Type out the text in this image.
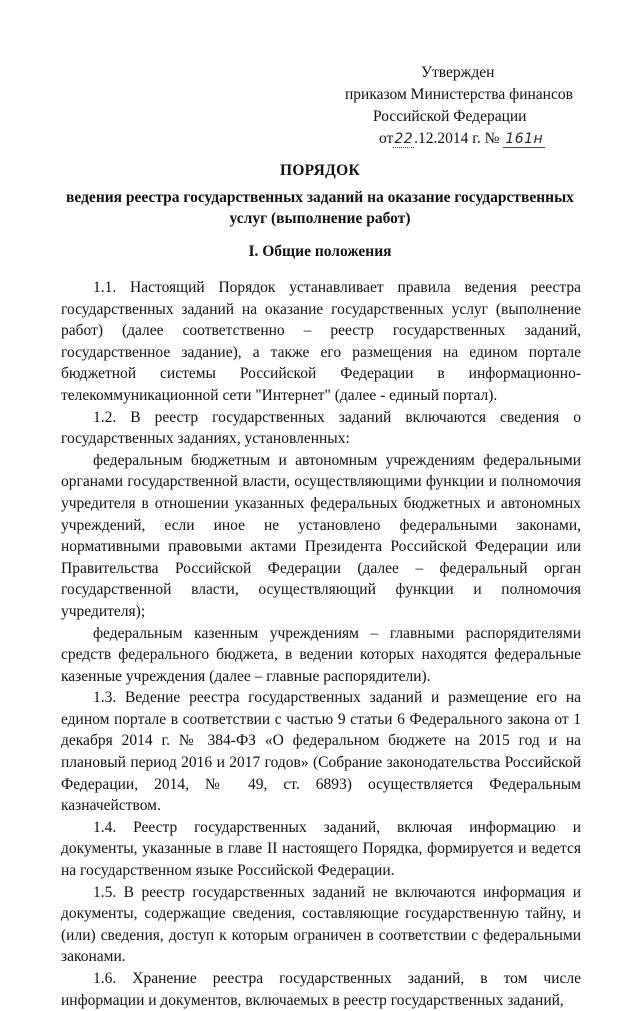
Утвержден
приказом Министерства финансов
Российской Федерации
от22.12.2014 г. № 161н
ПОРЯДОК
ведения реестра государственных заданий на оказание государственных
услуг (выполнение работ)
I. Общие положения

1.1. Настоящий Порядок устанавливает правила ведения реестра государственных заданий на оказание государственных услуг (выполнение работ) (далее соответственно – реестр государственных заданий, государственное задание), а также его размещения на едином портале бюджетной системы Российской Федерации в информационно-телекоммуникационной сети "Интернет" (далее - единый портал).

1.2. В реестр государственных заданий включаются сведения о государственных заданиях, установленных:

федеральным бюджетным и автономным учреждениям федеральными органами государственной власти, осуществляющими функции и полномочия учредителя в отношении указанных федеральных бюджетных и автономных учреждений, если иное не установлено федеральными законами, нормативными правовыми актами Президента Российской Федерации или Правительства Российской Федерации (далее – федеральный орган государственной власти, осуществляющий функции и полномочия учредителя);

федеральным казенным учреждениям – главными распорядителями средств федерального бюджета, в ведении которых находятся федеральные казенные учреждения (далее – главные распорядители).

1.3. Ведение реестра государственных заданий и размещение его на едином портале в соответствии с частью 9 статьи 6 Федерального закона от 1 декабря 2014 г. № 384-ФЗ «О федеральном бюджете на 2015 год и на плановый период 2016 и 2017 годов» (Собрание законодательства Российской Федерации, 2014, № 49, ст. 6893) осуществляется Федеральным казначейством.

1.4. Реестр государственных заданий, включая информацию и документы, указанные в главе II настоящего Порядка, формируется и ведется на государственном языке Российской Федерации.

1.5. В реестр государственных заданий не включаются информация и документы, содержащие сведения, составляющие государственную тайну, и (или) сведения, доступ к которым ограничен в соответствии с федеральными законами.

1.6. Хранение реестра государственных заданий, в том числе информации и документов, включаемых в реестр государственных заданий,
